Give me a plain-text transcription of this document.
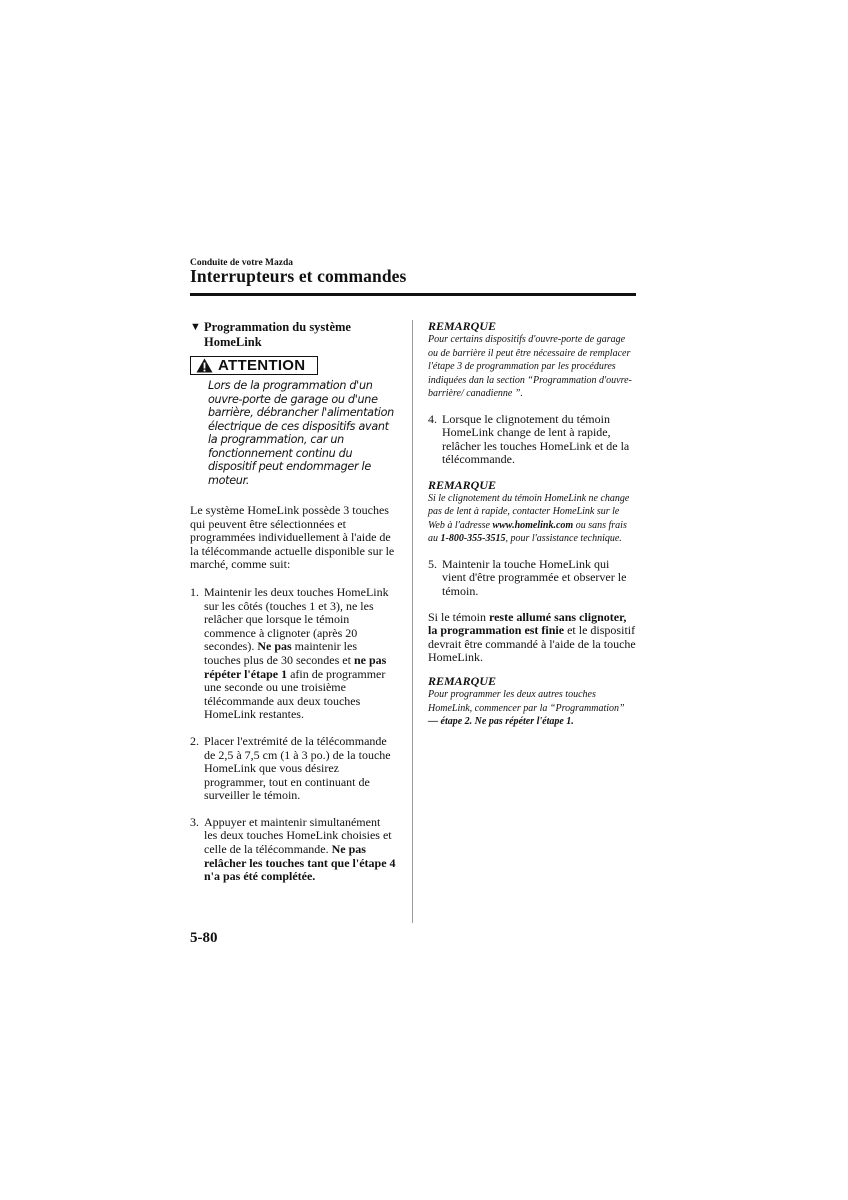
Conduite de votre Mazda
Interrupteurs et commandes
▼ Programmation du système
HomeLink
ATTENTION

Lors de la programmation d'un ouvre-porte de garage ou d'une barrière, débrancher l'alimentation électrique de ces dispositifs avant la programmation, car un fonctionnement continu du dispositif peut endommager le moteur.

Le système HomeLink possède 3 touches qui peuvent être sélectionnées et programmées individuellement à l'aide de la télécommande actuelle disponible sur le marché, comme suit:

1. Maintenir les deux touches HomeLink sur les côtés (touches 1 et 3), ne les relâcher que lorsque le témoin commence à clignoter (après 20 secondes). Ne pas maintenir les touches plus de 30 secondes et ne pas répéter l'étape 1 afin de programmer une seconde ou une troisième télécommande aux deux touches HomeLink restantes.
2. Placer l'extrémité de la télécommande de 2,5 à 7,5 cm (1 à 3 po.) de la touche HomeLink que vous désirez programmer, tout en continuant de surveiller le témoin.
3. Appuyer et maintenir simultanément les deux touches HomeLink choisies et celle de la télécommande. Ne pas relâcher les touches tant que l'étape 4 n'a pas été complétée.

REMARQUE

Pour certains dispositifs d'ouvre-porte de garage ou de barrière il peut être nécessaire de remplacer l'étape 3 de programmation par les procédures indiquées dan la section “Programmation d'ouvre-barrière/ canadienne ”.

4. Lorsque le clignotement du témoin HomeLink change de lent à rapide, relâcher les touches HomeLink et de la télécommande.

REMARQUE

Si le clignotement du témoin HomeLink ne change pas de lent à rapide, contacter HomeLink sur le Web à l'adresse www.homelink.com ou sans frais au 1-800-355-3515, pour l'assistance technique.

5. Maintenir la touche HomeLink qui vient d'être programmée et observer le témoin.

Si le témoin reste allumé sans clignoter, la programmation est finie et le dispositif devrait être commandé à l'aide de la touche HomeLink.

REMARQUE

Pour programmer les deux autres touches HomeLink, commencer par la “Programmation” — étape 2. Ne pas répéter l'étape 1.

5-80
